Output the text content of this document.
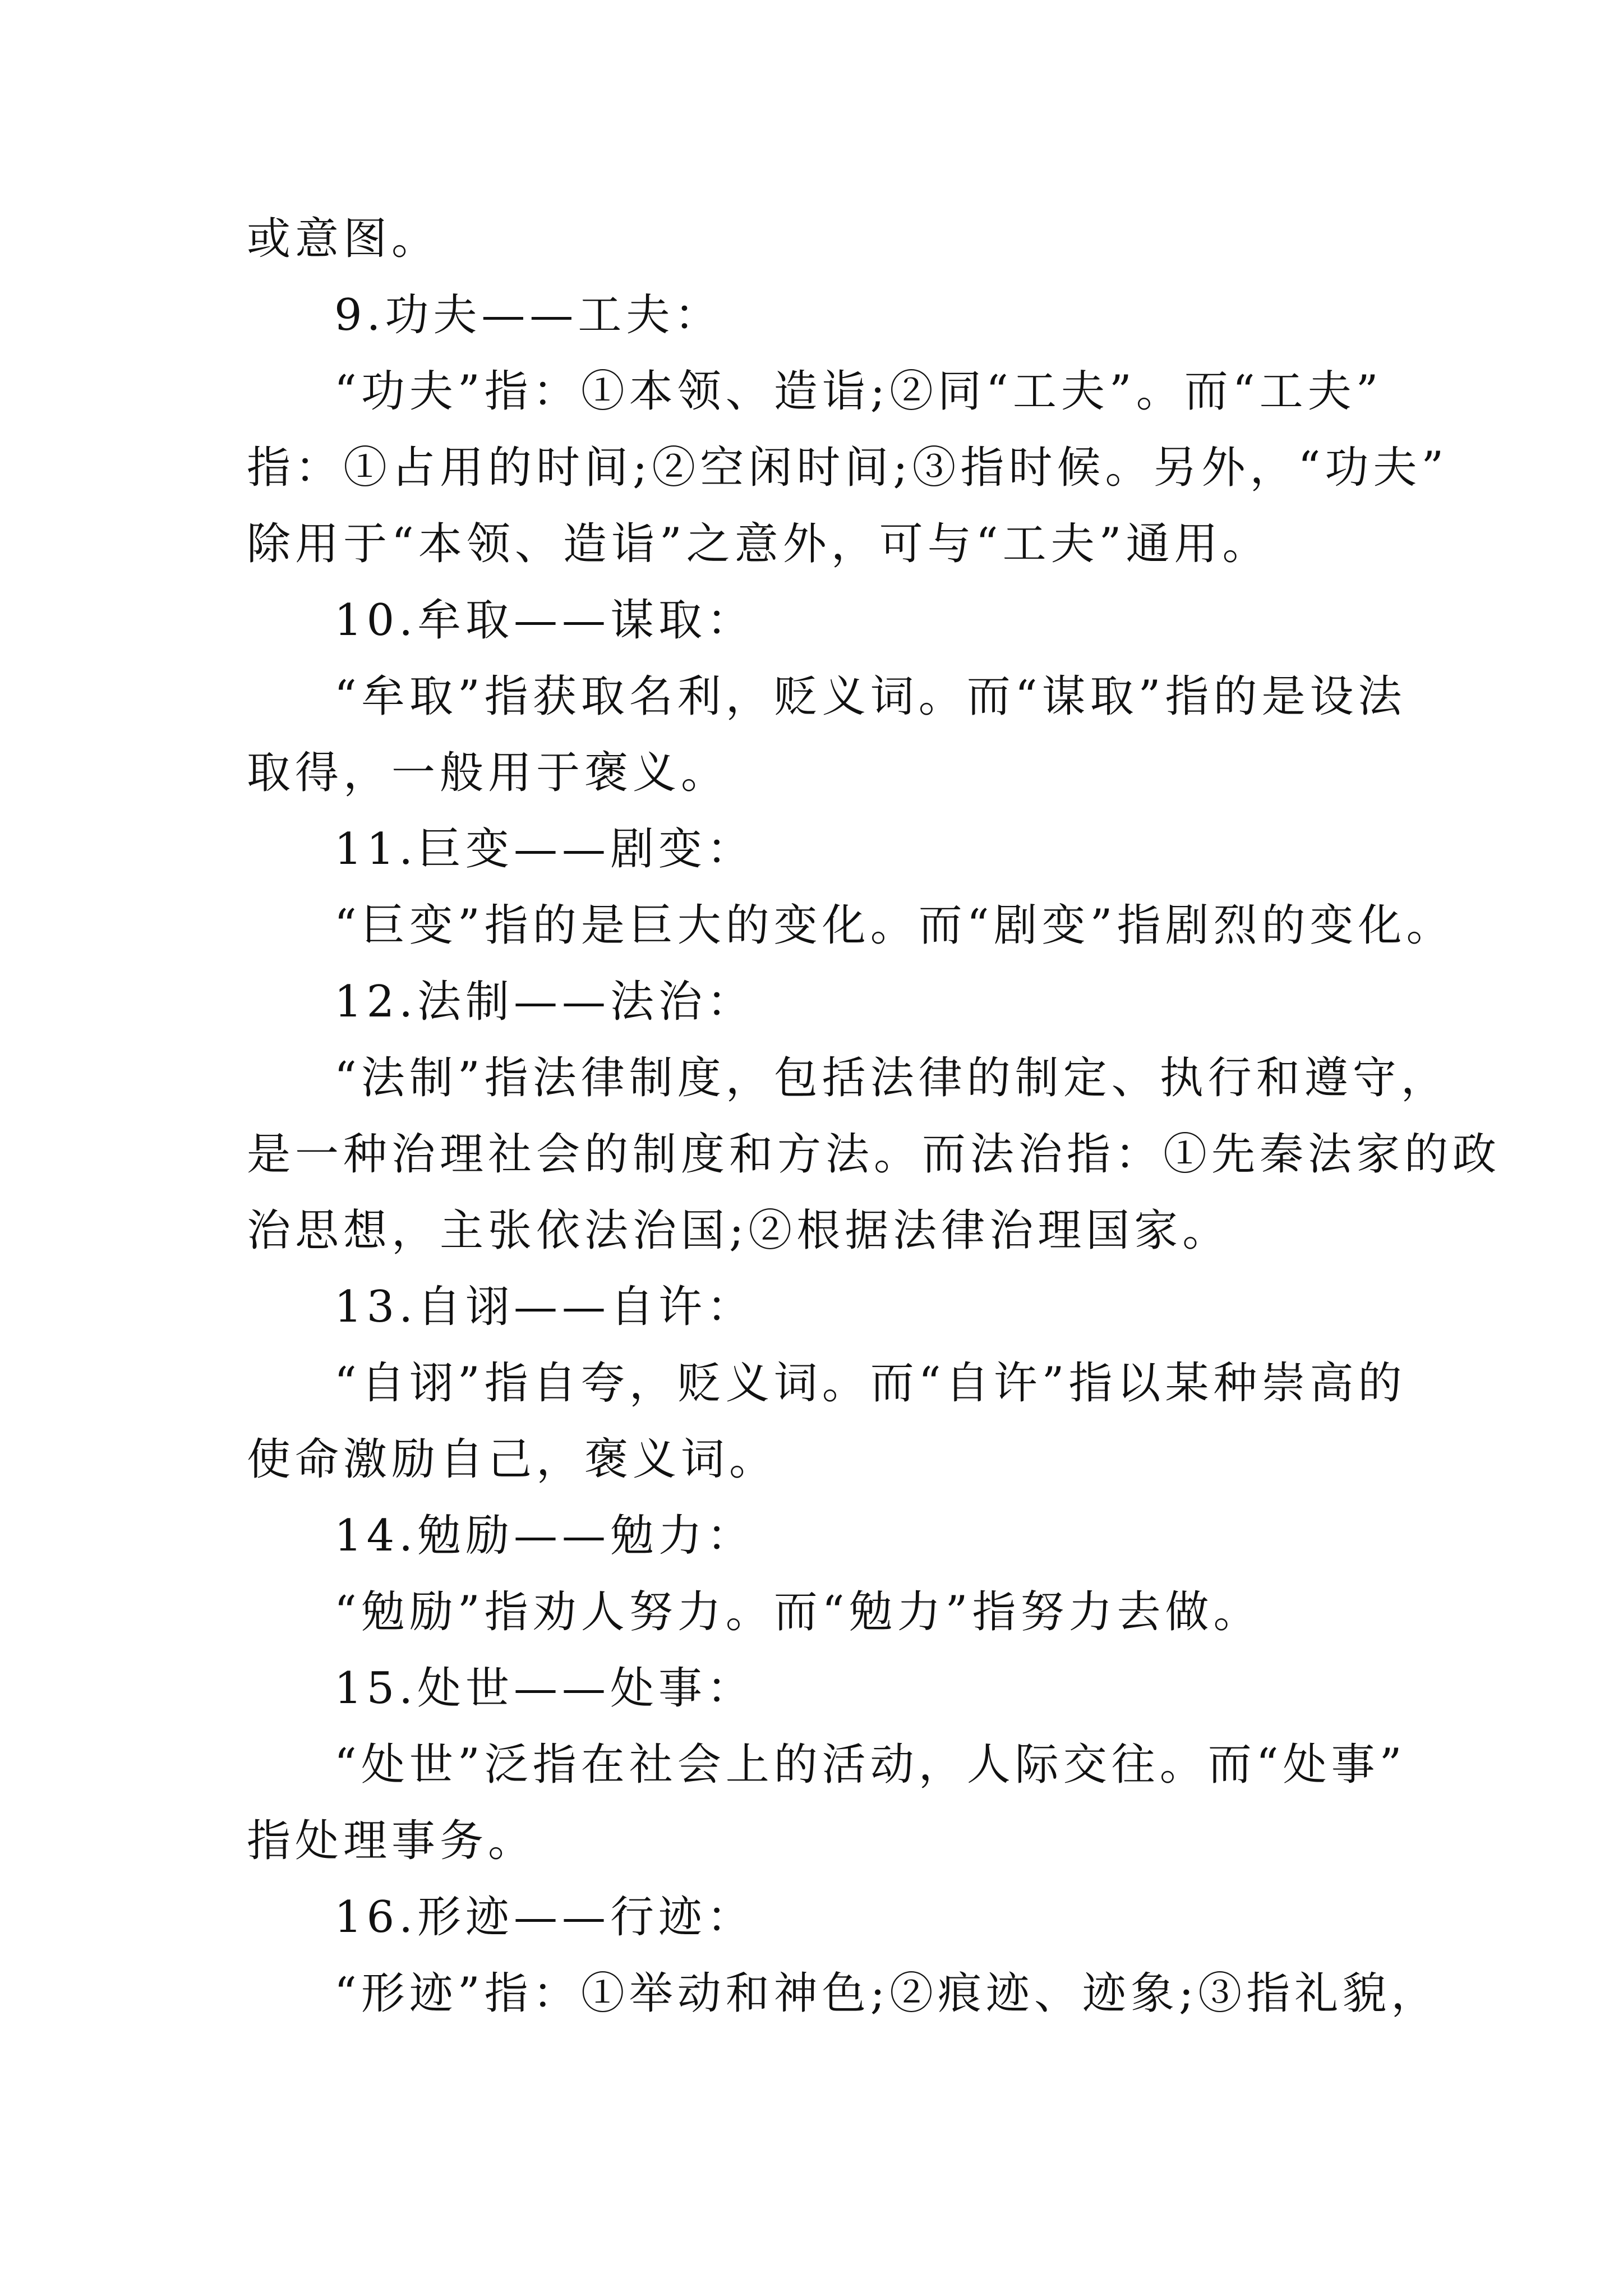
或意图。
9.功夫——工夫：
“功夫”指：①本领、造诣;②同“工夫”。而“工夫”
指：①占用的时间;②空闲时间;③指时候。另外，“功夫”
除用于“本领、造诣”之意外，可与“工夫”通用。
10.牟取——谋取：
“牟取”指获取名利，贬义词。而“谋取”指的是设法
取得，一般用于褒义。
11.巨变——剧变：
“巨变”指的是巨大的变化。而“剧变”指剧烈的变化。
12.法制——法治：
“法制”指法律制度，包括法律的制定、执行和遵守，
是一种治理社会的制度和方法。而法治指：①先秦法家的政
治思想，主张依法治国;②根据法律治理国家。
13.自诩——自许：
“自诩”指自夸，贬义词。而“自许”指以某种崇高的
使命激励自己，褒义词。
14.勉励——勉力：
“勉励”指劝人努力。而“勉力”指努力去做。
15.处世——处事：
“处世”泛指在社会上的活动，人际交往。而“处事”
指处理事务。
16.形迹——行迹：
“形迹”指：①举动和神色;②痕迹、迹象;③指礼貌，
